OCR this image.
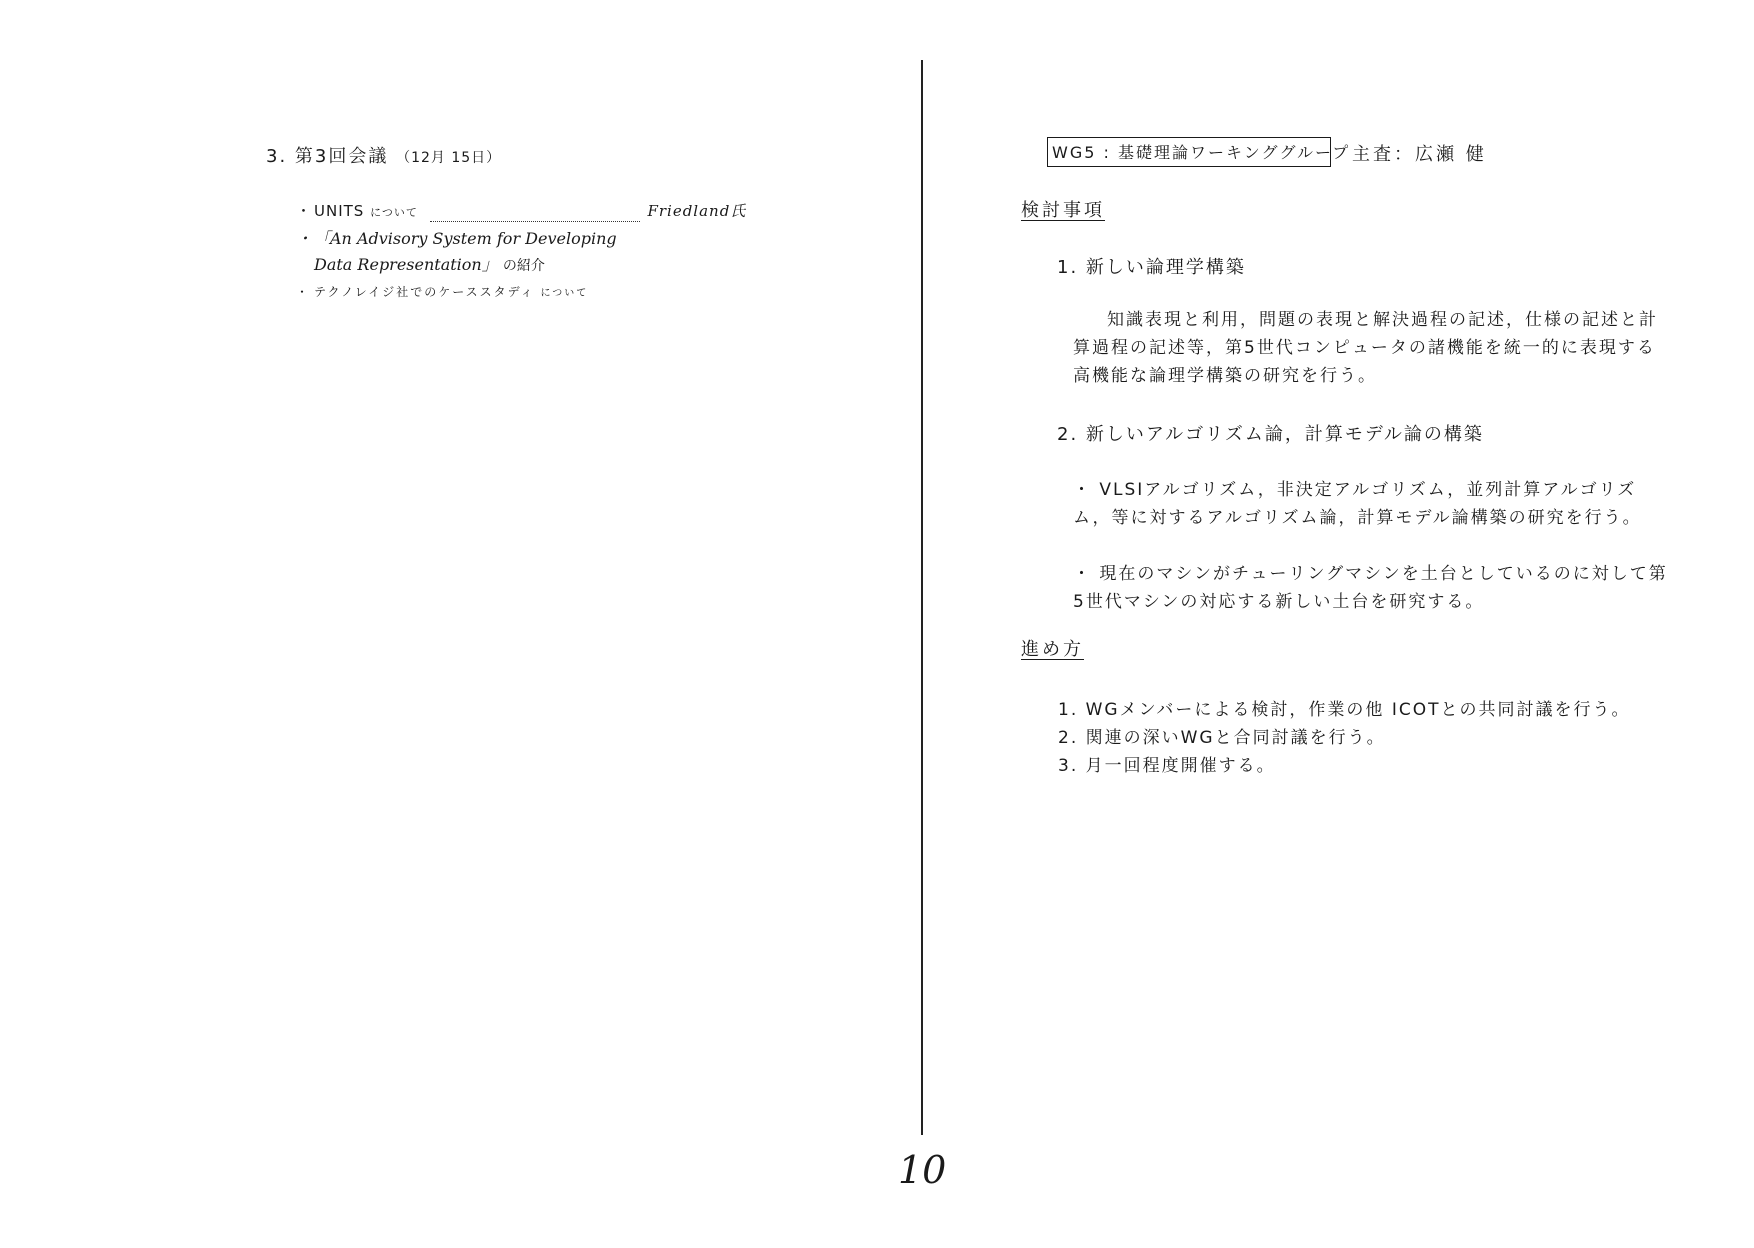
3. 第3回会議 （12月 15日）
・ UNITS について	Friedland氏
・ 「An Advisory System for Developing Data Representation」 の紹介
・ テクノレイジ社でのケーススタディ について
WG5 : 基礎理論ワーキンググループ 主査：広瀬 健
検討事項
1. 新しい論理学構築
知識表現と利用，問題の表現と解決過程の記述，仕様の記述と計算過程の記述等，第5世代コンピュータの諸機能を統一的に表現する高機能な論理学構築の研究を行う。
2. 新しいアルゴリズム論，計算モデル論の構築
・ VLSIアルゴリズム，非決定アルゴリズム，並列計算アルゴリズム，等に対するアルゴリズム論，計算モデル論構築の研究を行う。
・ 現在のマシンがチューリングマシンを土台としているのに対して第5世代マシンの対応する新しい土台を研究する。
進め方
1. WGメンバーによる検討，作業の他 ICOTとの共同討議を行う。
2. 関連の深いWGと合同討議を行う。
3. 月一回程度開催する。
10
